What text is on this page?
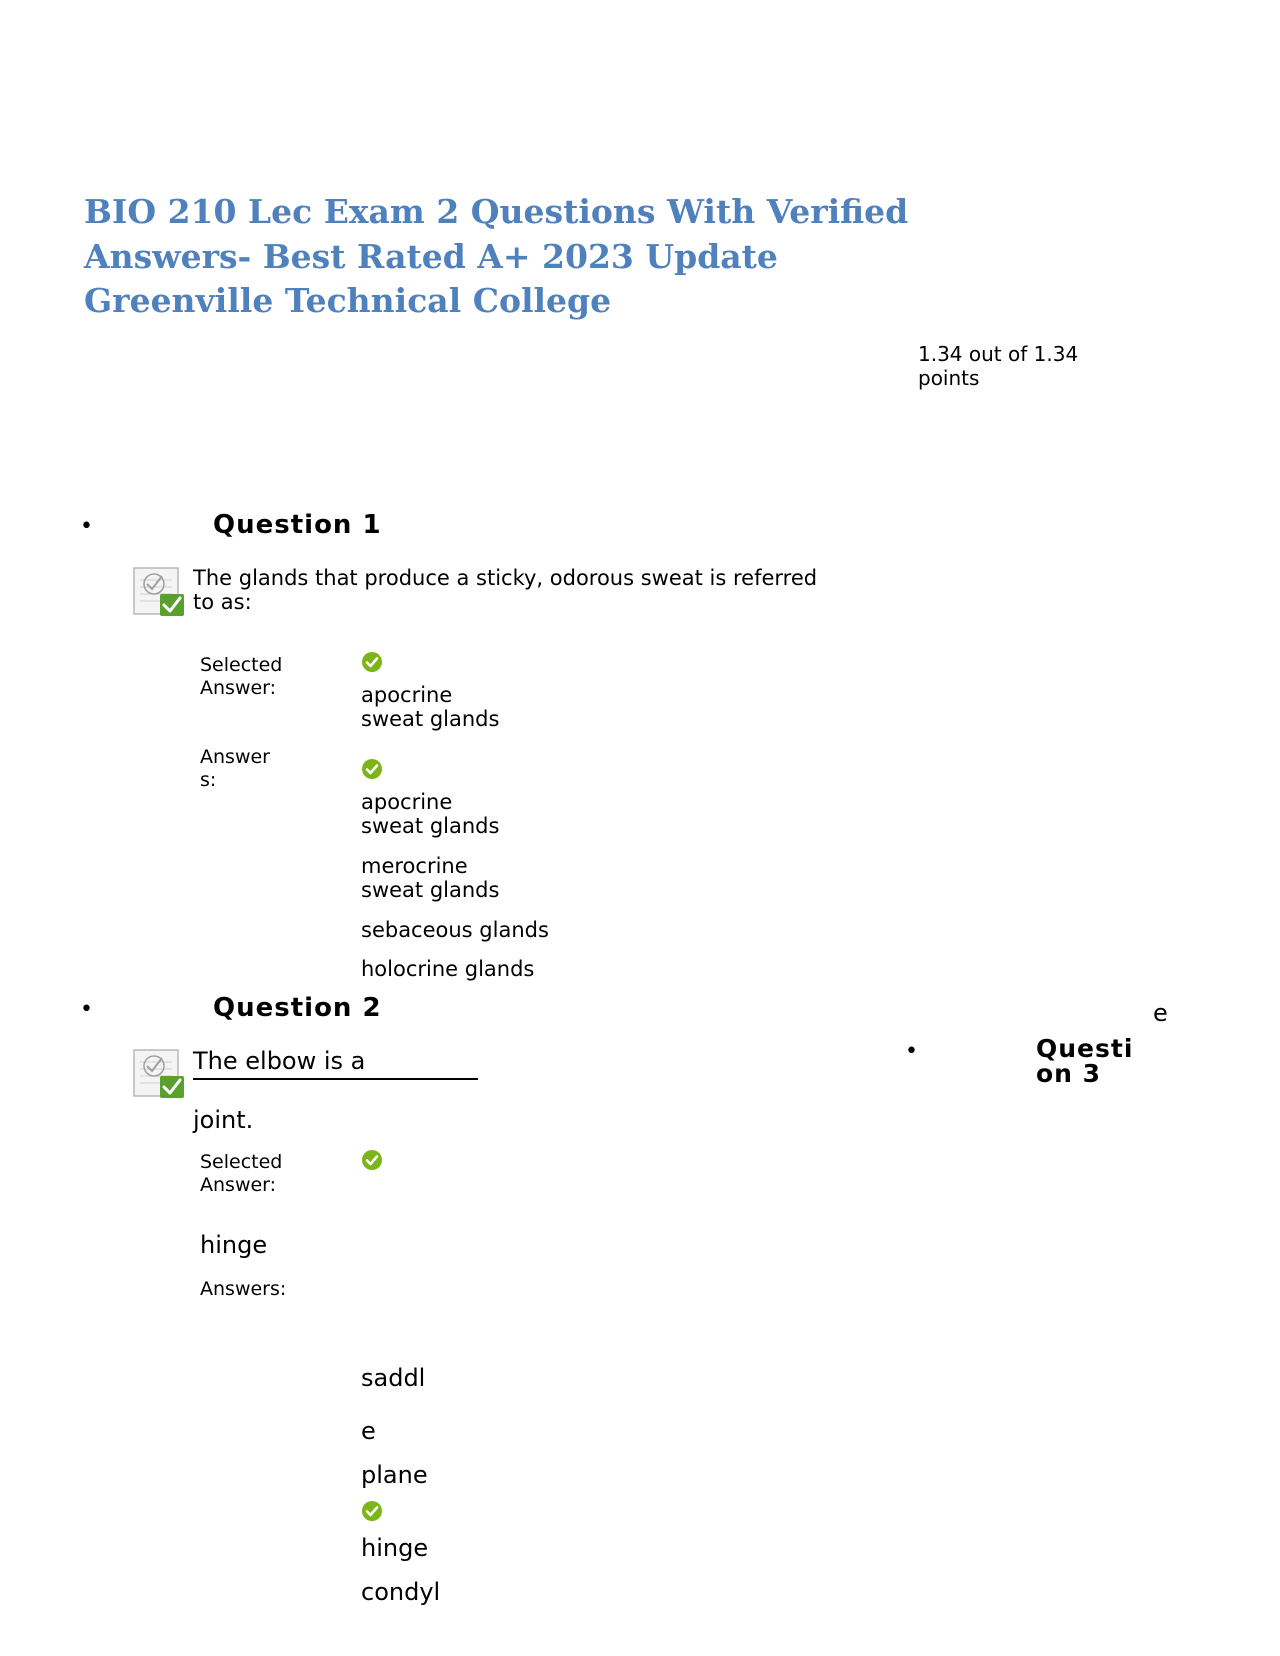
BIO 210 Lec Exam 2 Questions With Verified
Answers- Best Rated A+ 2023 Update
Greenville Technical College
1.34 out of 1.34
points
•	Question 1
The glands that produce a sticky, odorous sweat is referred
to as:
Selected
Answer:	apocrine
sweat glands
Answer
s:
apocrine
sweat glands
merocrine
sweat glands
sebaceous glands
holocrine glands
•	Question 2
The elbow is a
joint.
Selected
Answer:
hinge
Answers:
saddl
e
plane
hinge
condyl
e
•	Questi
on 3
